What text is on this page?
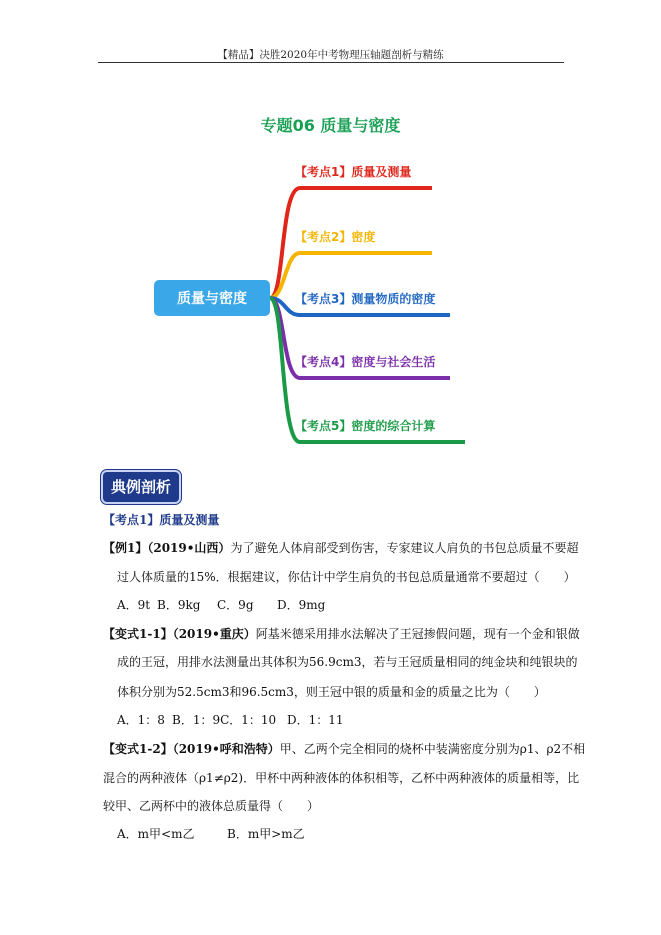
【精品】决胜2020年中考物理压轴题剖析与精练
专题06 质量与密度
质量与密度
【考点1】质量及测量
【考点2】密度
【考点3】测量物质的密度
【考点4】密度与社会生活
【考点5】密度的综合计算
典例剖析
【考点1】质量及测量
【例1】（2019•山西）为了避免人体肩部受到伤害，专家建议人肩负的书包总质量不要超
过人体质量的15%．根据建议，你估计中学生肩负的书包总质量通常不要超过（　　）
A．9t B．9kg C．9g D．9mg
【变式1-1】（2019•重庆）阿基米德采用排水法解决了王冠掺假问题，现有一个金和银做
成的王冠，用排水法测量出其体积为56.9cm3，若与王冠质量相同的纯金块和纯银块的
体积分别为52.5cm3和96.5cm3，则王冠中银的质量和金的质量之比为（　　）
A．1：8 B．1：9C．1：10 D．1：11
【变式1-2】（2019•呼和浩特）甲、乙两个完全相同的烧杯中装满密度分别为ρ1、ρ2不相
混合的两种液体（ρ1≠ρ2)．甲杯中两种液体的体积相等，乙杯中两种液体的质量相等，比
较甲、乙两杯中的液体总质量得（　　）
A．m甲<m乙	B．m甲>m乙
